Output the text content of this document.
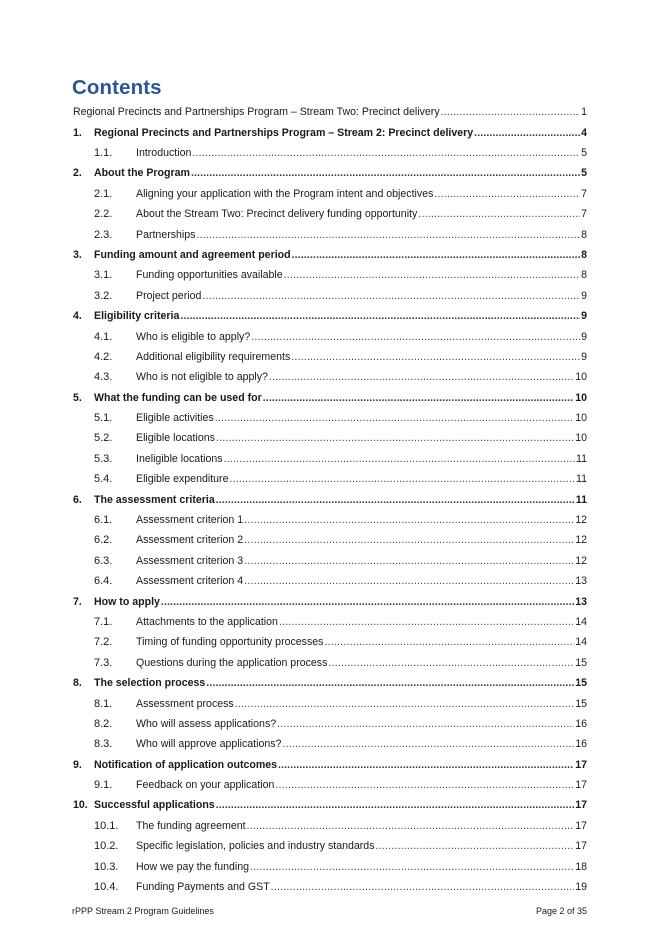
Contents
Regional Precincts and Partnerships Program – Stream Two: Precinct delivery .....	1
1.	Regional Precincts and Partnerships Program – Stream 2: Precinct delivery .....	4
1.1.	Introduction .....	5
2.	About the Program .....	5
2.1.	Aligning your application with the Program intent and objectives .....	7
2.2.	About the Stream Two: Precinct delivery funding opportunity .....	7
2.3.	Partnerships .....	8
3.	Funding amount and agreement period .....	8
3.1.	Funding opportunities available .....	8
3.2.	Project period .....	9
4.	Eligibility criteria .....	9
4.1.	Who is eligible to apply? .....	9
4.2.	Additional eligibility requirements .....	9
4.3.	Who is not eligible to apply? .....	10
5.	What the funding can be used for .....	10
5.1.	Eligible activities .....	10
5.2.	Eligible locations .....	10
5.3.	Ineligible locations .....	11
5.4.	Eligible expenditure .....	11
6.	The assessment criteria .....	11
6.1.	Assessment criterion 1 .....	12
6.2.	Assessment criterion 2 .....	12
6.3.	Assessment criterion 3 .....	12
6.4.	Assessment criterion 4 .....	13
7.	How to apply .....	13
7.1.	Attachments to the application .....	14
7.2.	Timing of funding opportunity processes .....	14
7.3.	Questions during the application process .....	15
8.	The selection process .....	15
8.1.	Assessment process .....	15
8.2.	Who will assess applications? .....	16
8.3.	Who will approve applications? .....	16
9.	Notification of application outcomes .....	17
9.1.	Feedback on your application .....	17
10. Successful applications .....	17
10.1.	The funding agreement .....	17
10.2.	Specific legislation, policies and industry standards .....	17
10.3.	How we pay the funding .....	18
10.4.	Funding Payments and GST .....	19
rPPP Stream 2 Program Guidelines	Page 2 of 35
